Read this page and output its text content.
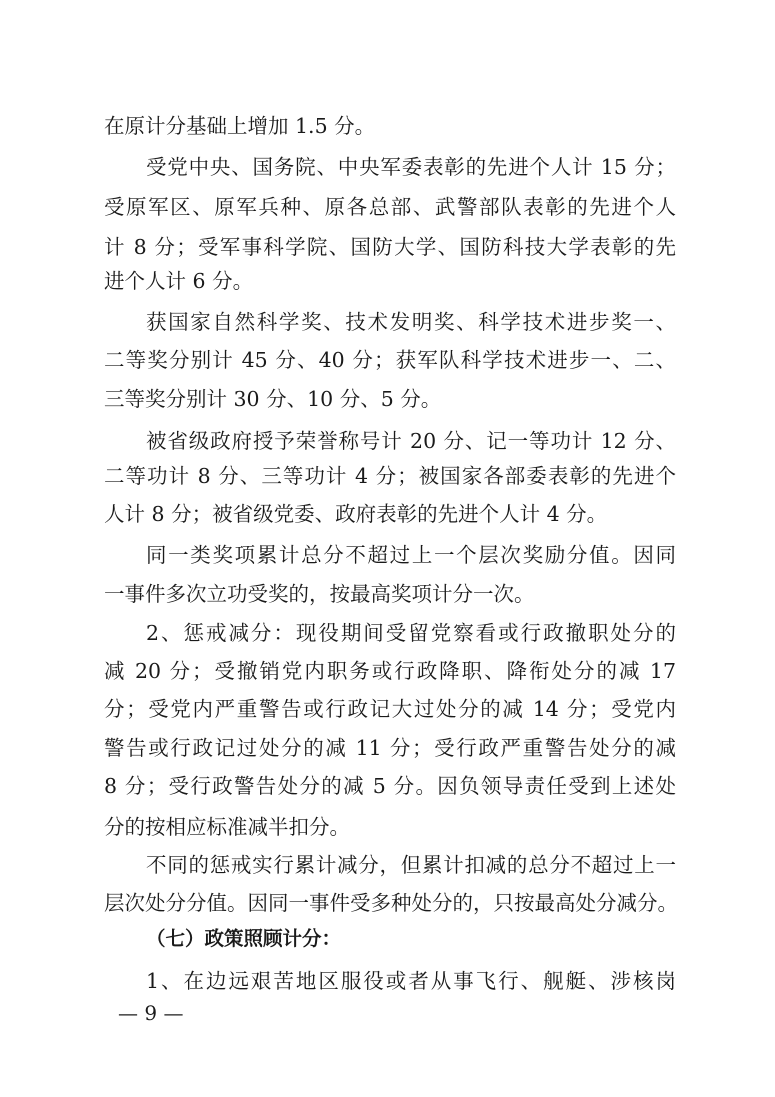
在原计分基础上增加 1.5 分。
受党中央、国务院、中央军委表彰的先进个人计 15 分；
受原军区、原军兵种、原各总部、武警部队表彰的先进个人
计 8 分；受军事科学院、国防大学、国防科技大学表彰的先
进个人计 6 分。
获国家自然科学奖、技术发明奖、科学技术进步奖一、
二等奖分别计 45 分、40 分；获军队科学技术进步一、二、
三等奖分别计 30 分、10 分、5 分。
被省级政府授予荣誉称号计 20 分、记一等功计 12 分、
二等功计 8 分、三等功计 4 分；被国家各部委表彰的先进个
人计 8 分；被省级党委、政府表彰的先进个人计 4 分。
同一类奖项累计总分不超过上一个层次奖励分值。因同
一事件多次立功受奖的，按最高奖项计分一次。
2、惩戒减分：现役期间受留党察看或行政撤职处分的
减 20 分；受撤销党内职务或行政降职、降衔处分的减 17
分；受党内严重警告或行政记大过处分的减 14 分；受党内
警告或行政记过处分的减 11 分；受行政严重警告处分的减
8 分；受行政警告处分的减 5 分。因负领导责任受到上述处
分的按相应标准减半扣分。
不同的惩戒实行累计减分，但累计扣减的总分不超过上一
层次处分分值。因同一事件受多种处分的，只按最高处分减分。
（七）政策照顾计分：
1、在边远艰苦地区服役或者从事飞行、舰艇、涉核岗
— 9 —
